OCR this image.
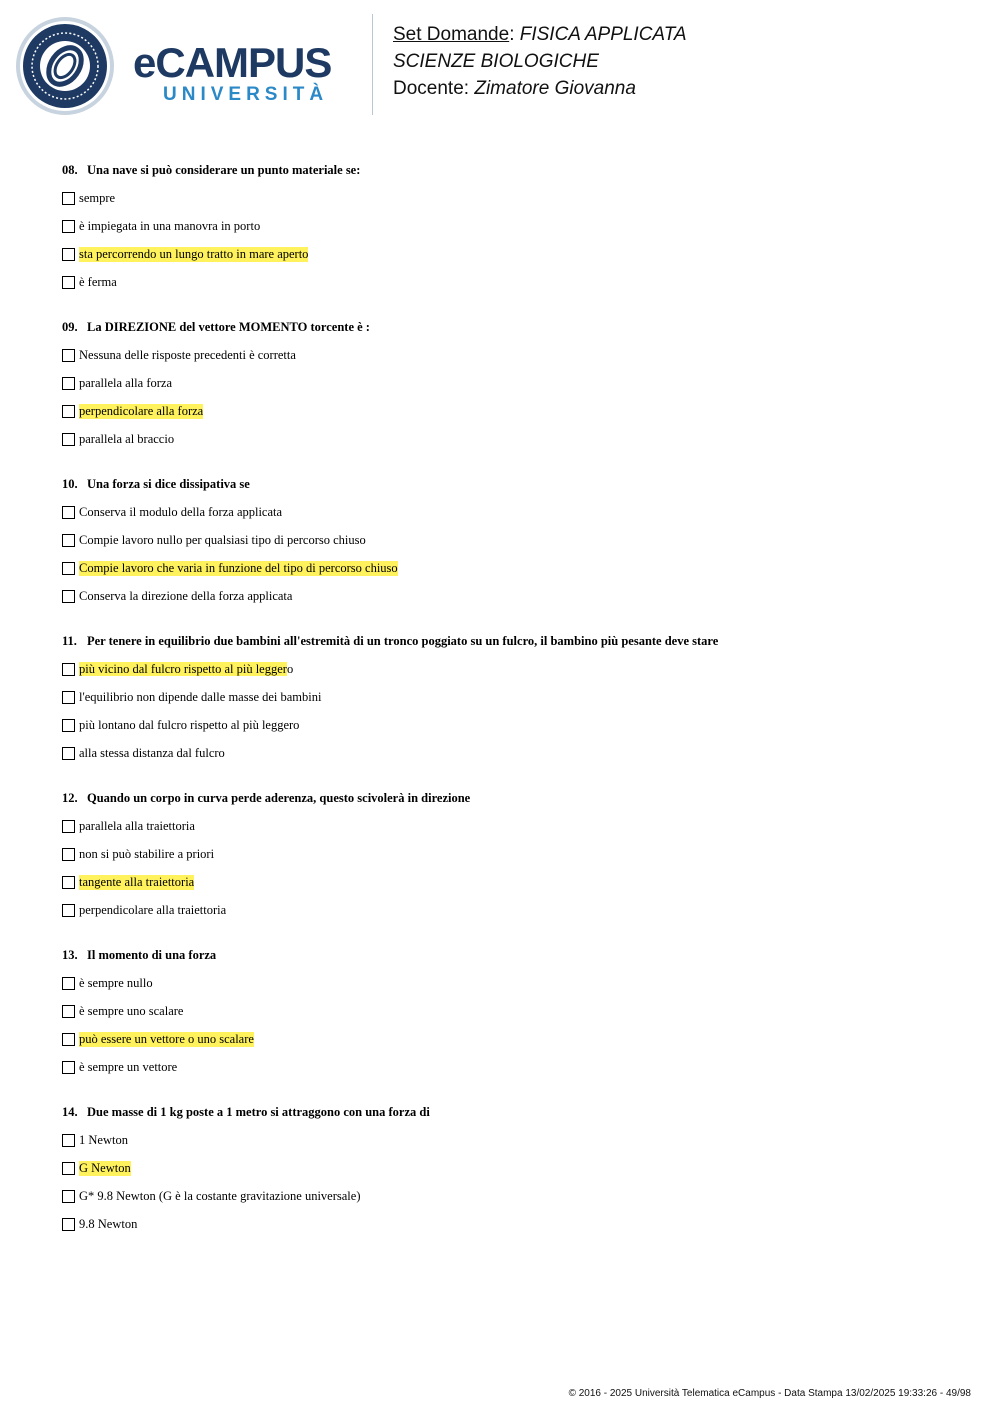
eCAMPUS
UNIVERSITÀ
Set Domande: FISICA APPLICATA
SCIENZE BIOLOGICHE
Docente: Zimatore Giovanna
08. Una nave si può considerare un punto materiale se:
sempre
è impiegata in una manovra in porto
sta percorrendo un lungo tratto in mare aperto
è ferma
09. La DIREZIONE del vettore MOMENTO torcente è :
Nessuna delle risposte precedenti è corretta
parallela alla forza
perpendicolare alla forza
parallela al braccio
10. Una forza si dice dissipativa se
Conserva il modulo della forza applicata
Compie lavoro nullo per qualsiasi tipo di percorso chiuso
Compie lavoro che varia in funzione del tipo di percorso chiuso
Conserva la direzione della forza applicata
11. Per tenere in equilibrio due bambini all'estremità di un tronco poggiato su un fulcro, il bambino più pesante deve stare
più vicino dal fulcro rispetto al più leggero
l'equilibrio non dipende dalle masse dei bambini
più lontano dal fulcro rispetto al più leggero
alla stessa distanza dal fulcro
12. Quando un corpo in curva perde aderenza, questo scivolerà in direzione
parallela alla traiettoria
non si può stabilire a priori
tangente alla traiettoria
perpendicolare alla traiettoria
13. Il momento di una forza
è sempre nullo
è sempre uno scalare
può essere un vettore o uno scalare
è sempre un vettore
14. Due masse di 1 kg poste a 1 metro si attraggono con una forza di
1 Newton
G Newton
G* 9.8 Newton (G è la costante gravitazione universale)
9.8 Newton
© 2016 - 2025 Università Telematica eCampus - Data Stampa 13/02/2025 19:33:26 - 49/98
